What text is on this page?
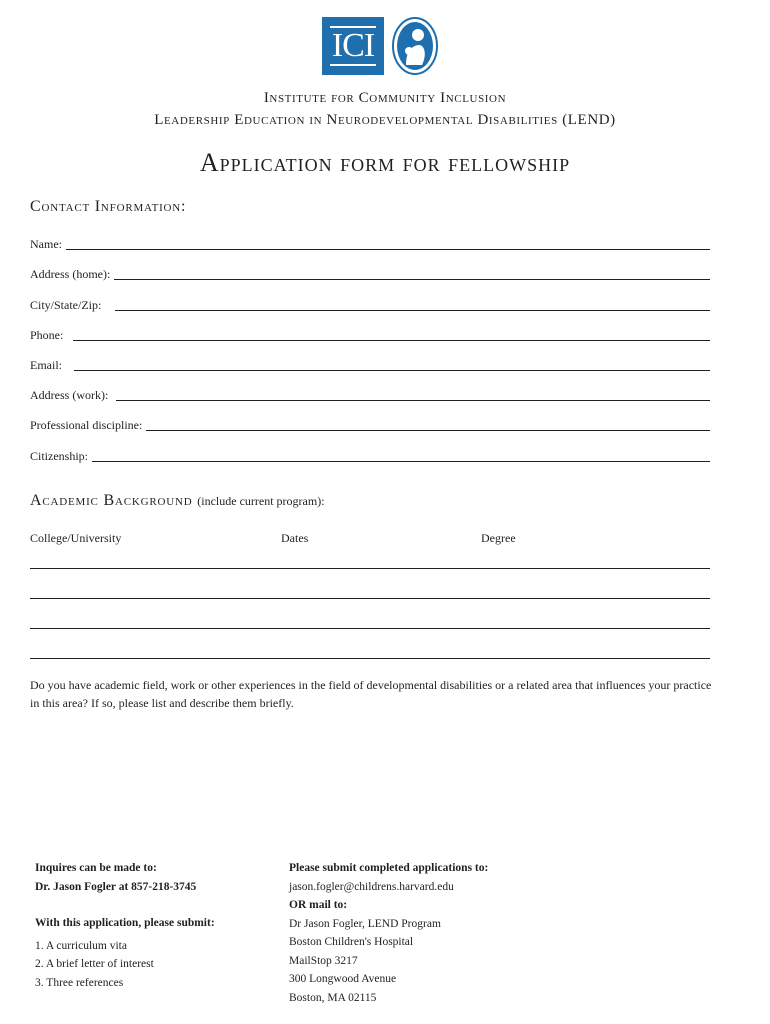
ICI
Institute for Community Inclusion
Leadership Education in Neurodevelopmental Disabilities (LEND)
Application form for fellowship
Contact Information:
Name:
Address (home):
City/State/Zip:
Phone:
Email:
Address (work):
Professional discipline:
Citizenship:
Academic Background (include current program):
College/University	Dates	Degree
Do you have academic field, work or other experiences in the field of developmental disabilities or a related area that influences your practice in this area? If so, please list and describe them briefly.
Inquires can be made to:
Dr. Jason Fogler at 857-218-3745
With this application, please submit:
1. A curriculum vita
2. A brief letter of interest
3. Three references
Please submit completed applications to:
jason.fogler@childrens.harvard.edu
OR mail to:
Dr Jason Fogler, LEND Program
Boston Children's Hospital
MailStop 3217
300 Longwood Avenue
Boston, MA 02115
